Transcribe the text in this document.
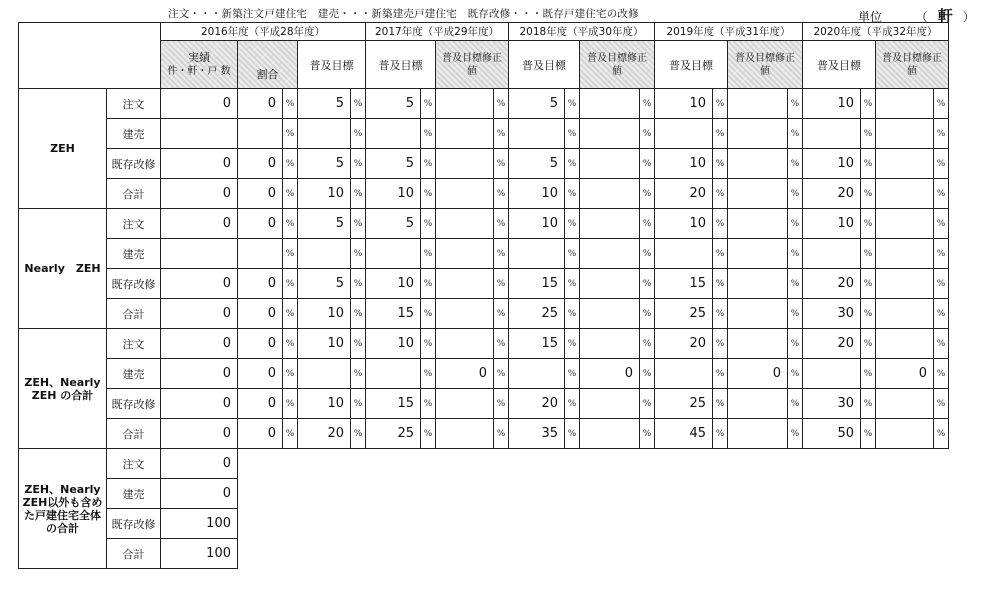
注文・・・新築注文戸建住宅　建売・・・新築建売戸建住宅　既存改修・・・既存戸建住宅の改修	単位	（ 軒 ）
		2016年度（平成28年度）					2017年度（平成29年度）				2018年度（平成30年度）				2019年度（平成31年度）				2020年度（平成32年度）			

		実績
件・軒・戸 数	割合		普及目標		普及目標		普及目標修正値		普及目標		普及目標修正値		普及目標		普及目標修正値		普及目標		普及目標修正値	
ZEH	注文	0	0	%	5	%	5	%		%	5	%		%	10	%		%	10	%		%
	建売			%		%		%		%		%		%		%		%		%		%
	既存改修	0	0	%	5	%	5	%		%	5	%		%	10	%		%	10	%		%
	合計	0	0	%	10	%	10	%		%	10	%		%	20	%		%	20	%		%
Nearly　ZEH	注文	0	0	%	5	%	5	%		%	10	%		%	10	%		%	10	%		%
	建売			%		%		%		%		%		%		%		%		%		%
	既存改修	0	0	%	5	%	10	%		%	15	%		%	15	%		%	20	%		%
	合計	0	0	%	10	%	15	%		%	25	%		%	25	%		%	30	%		%
ZEH、Nearly ZEH の合計	注文	0	0	%	10	%	10	%		%	15	%		%	20	%		%	20	%		%
	建売	0	0	%		%		%	0	%		%	0	%		%	0	%		%	0	%
	既存改修	0	0	%	10	%	15	%		%	20	%		%	25	%		%	30	%		%
	合計	0	0	%	20	%	25	%		%	35	%		%	45	%		%	50	%		%
ZEH、Nearly ZEH以外も含めた戸建住宅全体の合計	注文	0																				
	建売	0																				
	既存改修	100																				
	合計	100																				
